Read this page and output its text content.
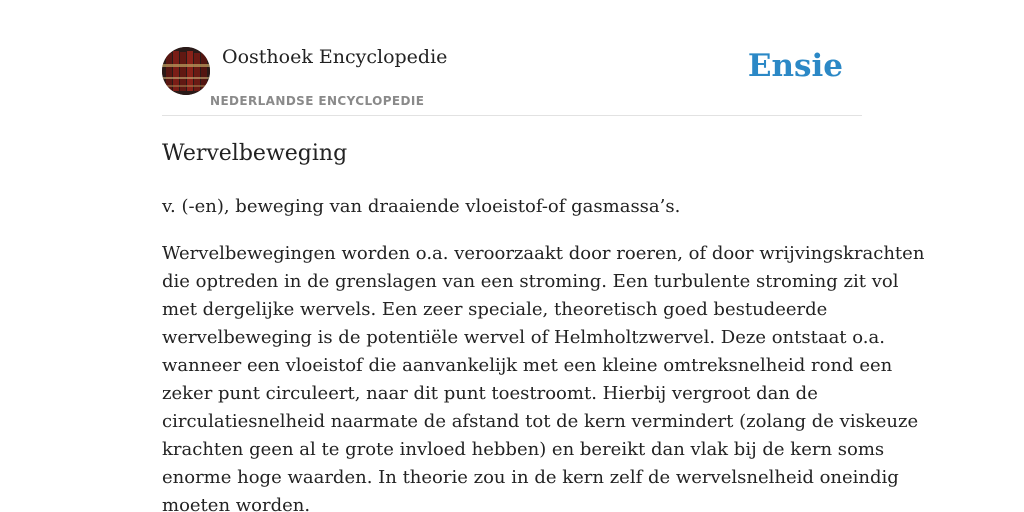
Oosthoek Encyclopedie
NEDERLANDSE ENCYCLOPEDIE
Ensie
Wervelbeweging

v. (-en), beweging van draaiende vloeistof-of gasmassa’s.

Wervelbewegingen worden o.a. veroorzaakt door roeren, of door wrijvingskrachten
die optreden in de grenslagen van een stroming. Een turbulente stroming zit vol
met dergelijke wervels. Een zeer speciale, theoretisch goed bestudeerde
wervelbeweging is de potentiële wervel of Helmholtzwervel. Deze ontstaat o.a.
wanneer een vloeistof die aanvankelijk met een kleine omtreksnelheid rond een
zeker punt circuleert, naar dit punt toestroomt. Hierbij vergroot dan de
circulatiesnelheid naarmate de afstand tot de kern vermindert (zolang de viskeuze
krachten geen al te grote invloed hebben) en bereikt dan vlak bij de kern soms
enorme hoge waarden. In theorie zou in de kern zelf de wervelsnelheid oneindig
moeten worden.
